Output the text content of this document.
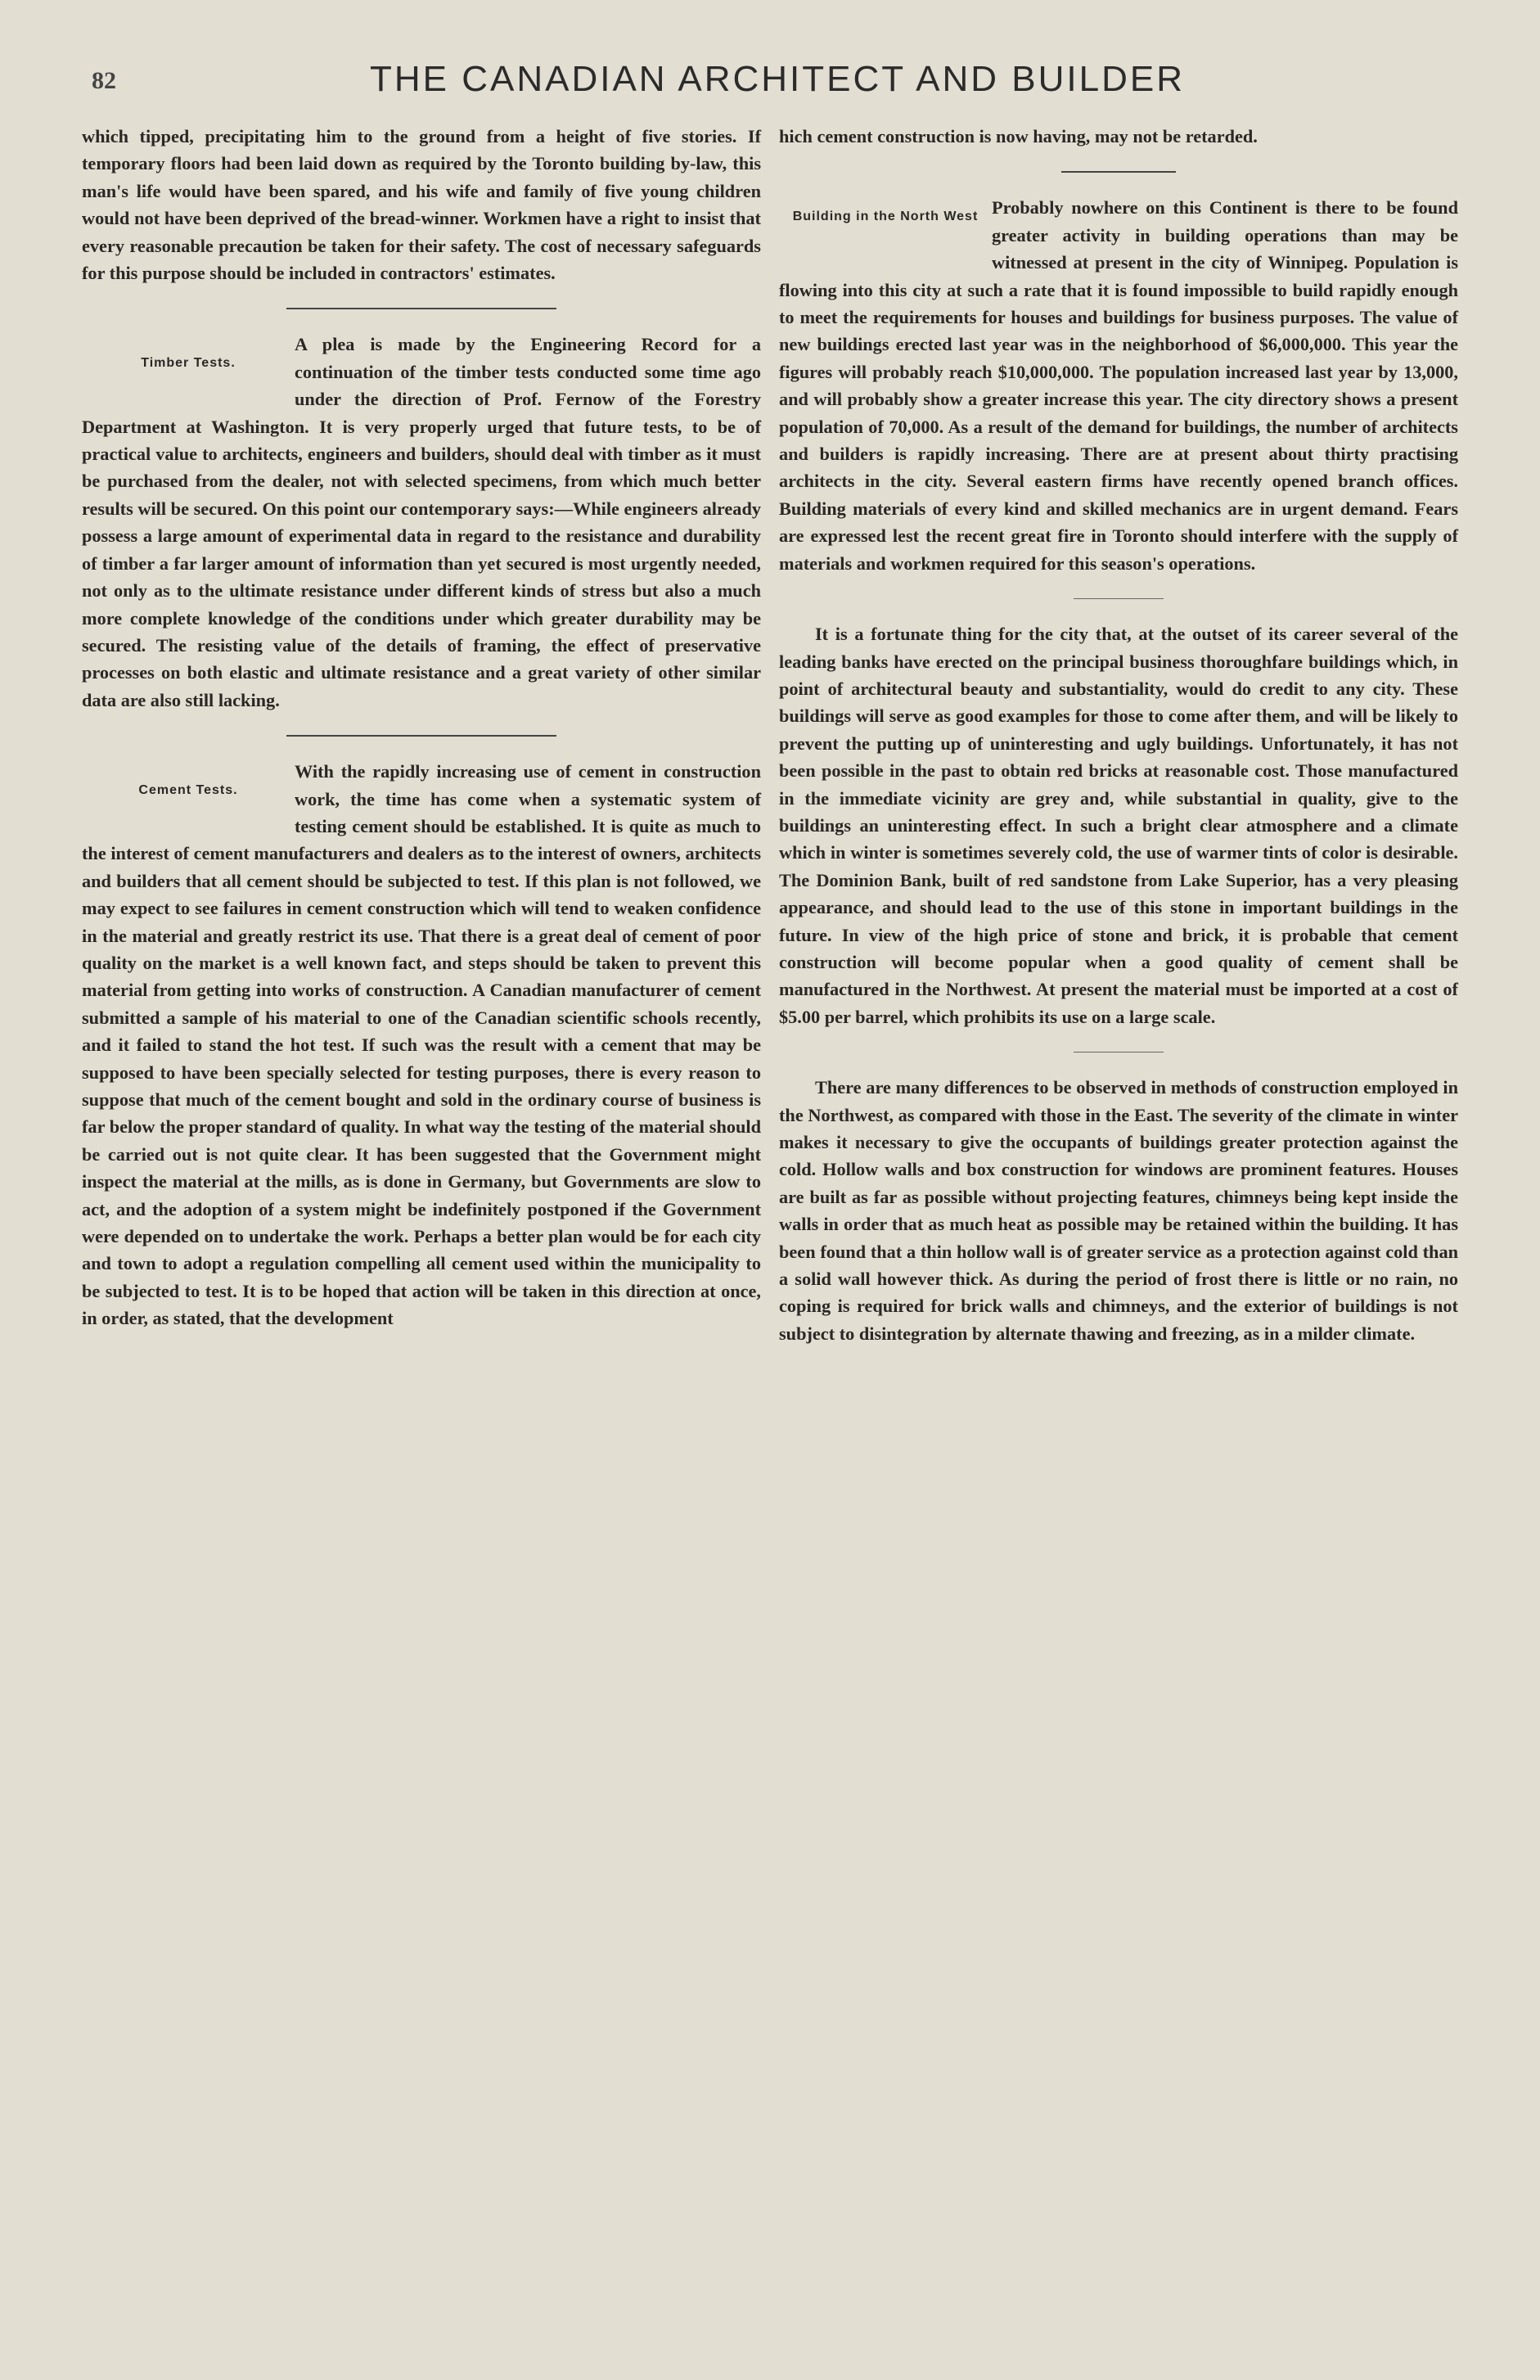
82	THE CANADIAN ARCHITECT AND BUILDER

which tipped, precipitating him to the ground from a height of five stories. If temporary floors had been laid down as required by the Toronto building by-law, this man's life would have been spared, and his wife and family of five young children would not have been deprived of the bread-winner. Workmen have a right to insist that every reasonable precaution be taken for their safety. The cost of necessary safeguards for this purpose should be included in contractors' estimates.

Timber Tests.

A plea is made by the Engineering Record for a continuation of the timber tests conducted some time ago under the direction of Prof. Fernow of the Forestry Department at Washington. It is very properly urged that future tests, to be of practical value to architects, engineers and builders, should deal with timber as it must be purchased from the dealer, not with selected specimens, from which much better results will be secured. On this point our contemporary says:—While engineers already possess a large amount of experimental data in regard to the resistance and durability of timber a far larger amount of information than yet secured is most urgently needed, not only as to the ultimate resistance under different kinds of stress but also a much more complete knowledge of the conditions under which greater durability may be secured. The resisting value of the details of framing, the effect of preservative processes on both elastic and ultimate resistance and a great variety of other similar data are also still lacking.

Cement Tests.

With the rapidly increasing use of cement in construction work, the time has come when a systematic system of testing cement should be established. It is quite as much to the interest of cement manufacturers and dealers as to the interest of owners, architects and builders that all cement should be subjected to test. If this plan is not followed, we may expect to see failures in cement construction which will tend to weaken confidence in the material and greatly restrict its use. That there is a great deal of cement of poor quality on the market is a well known fact, and steps should be taken to prevent this material from getting into works of construction. A Canadian manufacturer of cement submitted a sample of his material to one of the Canadian scientific schools recently, and it failed to stand the hot test. If such was the result with a cement that may be supposed to have been specially selected for testing purposes, there is every reason to suppose that much of the cement bought and sold in the ordinary course of business is far below the proper standard of quality. In what way the testing of the material should be carried out is not quite clear. It has been suggested that the Government might inspect the material at the mills, as is done in Germany, but Governments are slow to act, and the adoption of a system might be indefinitely postponed if the Government were depended on to undertake the work. Perhaps a better plan would be for each city and town to adopt a regulation compelling all cement used within the municipality to be subjected to test. It is to be hoped that action will be taken in this direction at once, in order, as stated, that the development

hich cement construction is now having, may not be retarded.

Building in the North West Probably nowhere on this Continent is there to be found greater activity in building operations than may be witnessed at present in the city of Winnipeg. Population is flowing into this city at such a rate that it is found impossible to build rapidly enough to meet the requirements for houses and buildings for business purposes. The value of new buildings erected last year was in the neighborhood of $6,000,000. This year the figures will probably reach $10,000,000. The population increased last year by 13,000, and will probably show a greater increase this year. The city directory shows a present population of 70,000. As a result of the demand for buildings, the number of architects and builders is rapidly increasing. There are at present about thirty practising architects in the city. Several eastern firms have recently opened branch offices. Building materials of every kind and skilled mechanics are in urgent demand. Fears are expressed lest the recent great fire in Toronto should interfere with the supply of materials and workmen required for this season's operations.

It is a fortunate thing for the city that, at the outset of its career several of the leading banks have erected on the principal business thoroughfare buildings which, in point of architectural beauty and substantiality, would do credit to any city. These buildings will serve as good examples for those to come after them, and will be likely to prevent the putting up of uninteresting and ugly buildings. Unfortunately, it has not been possible in the past to obtain red bricks at reasonable cost. Those manufactured in the immediate vicinity are grey and, while substantial in quality, give to the buildings an uninteresting effect. In such a bright clear atmosphere and a climate which in winter is sometimes severely cold, the use of warmer tints of color is desirable. The Dominion Bank, built of red sandstone from Lake Superior, has a very pleasing appearance, and should lead to the use of this stone in important buildings in the future. In view of the high price of stone and brick, it is probable that cement construction will become popular when a good quality of cement shall be manufactured in the Northwest. At present the material must be imported at a cost of $5.00 per barrel, which prohibits its use on a large scale.

There are many differences to be observed in methods of construction employed in the Northwest, as compared with those in the East. The severity of the climate in winter makes it necessary to give the occupants of buildings greater protection against the cold. Hollow walls and box construction for windows are prominent features. Houses are built as far as possible without projecting features, chimneys being kept inside the walls in order that as much heat as possible may be retained within the building. It has been found that a thin hollow wall is of greater service as a protection against cold than a solid wall however thick. As during the period of frost there is little or no rain, no coping is required for brick walls and chimneys, and the exterior of buildings is not subject to disintegration by alternate thawing and freezing, as in a milder climate.
